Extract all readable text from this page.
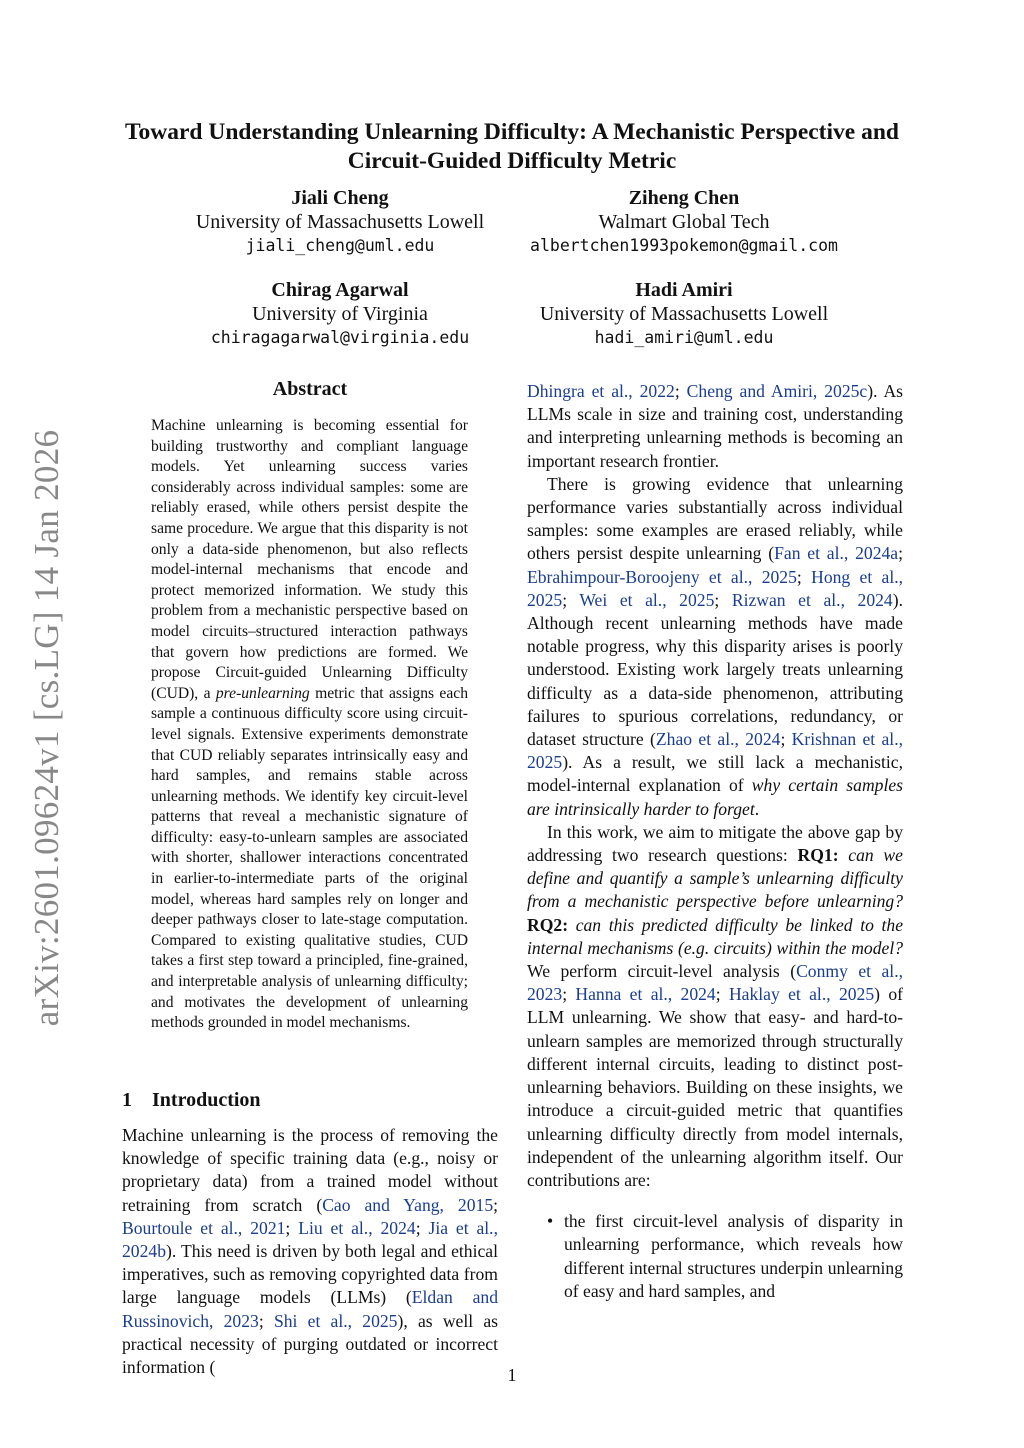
arXiv:2601.09624v1 [cs.LG] 14 Jan 2026
Toward Understanding Unlearning Difficulty: A Mechanistic Perspective and Circuit-Guided Difficulty Metric
Jiali Cheng
University of Massachusetts Lowell
jiali_cheng@uml.edu
Ziheng Chen
Walmart Global Tech
albertchen1993pokemon@gmail.com
Chirag Agarwal
University of Virginia
chiragagarwal@virginia.edu
Hadi Amiri
University of Massachusetts Lowell
hadi_amiri@uml.edu
Abstract
Machine unlearning is becoming essential for building trustworthy and compliant language models. Yet unlearning success varies considerably across individual samples: some are reliably erased, while others persist despite the same procedure. We argue that this disparity is not only a data-side phenomenon, but also reflects model-internal mechanisms that encode and protect memorized information. We study this problem from a mechanistic perspective based on model circuits–structured interaction pathways that govern how predictions are formed. We propose Circuit-guided Unlearning Difficulty (CUD), a pre-unlearning metric that assigns each sample a continuous difficulty score using circuit-level signals. Extensive experiments demonstrate that CUD reliably separates intrinsically easy and hard samples, and remains stable across unlearning methods. We identify key circuit-level patterns that reveal a mechanistic signature of difficulty: easy-to-unlearn samples are associated with shorter, shallower interactions concentrated in earlier-to-intermediate parts of the original model, whereas hard samples rely on longer and deeper pathways closer to late-stage computation. Compared to existing qualitative studies, CUD takes a first step toward a principled, fine-grained, and interpretable analysis of unlearning difficulty; and motivates the development of unlearning methods grounded in model mechanisms.
1 Introduction

Machine unlearning is the process of removing the knowledge of specific training data (e.g., noisy or proprietary data) from a trained model without retraining from scratch (Cao and Yang, 2015; Bourtoule et al., 2021; Liu et al., 2024; Jia et al., 2024b). This need is driven by both legal and ethical imperatives, such as removing copyrighted data from large language models (LLMs) (Eldan and Russinovich, 2023; Shi et al., 2025), as well as practical necessity of purging outdated or incorrect information (

Dhingra et al., 2022; Cheng and Amiri, 2025c). As LLMs scale in size and training cost, understanding and interpreting unlearning methods is becoming an important research frontier.

There is growing evidence that unlearning performance varies substantially across individual samples: some examples are erased reliably, while others persist despite unlearning (Fan et al., 2024a; Ebrahimpour-Boroojeny et al., 2025; Hong et al., 2025; Wei et al., 2025; Rizwan et al., 2024). Although recent unlearning methods have made notable progress, why this disparity arises is poorly understood. Existing work largely treats unlearning difficulty as a data-side phenomenon, attributing failures to spurious correlations, redundancy, or dataset structure (Zhao et al., 2024; Krishnan et al., 2025). As a result, we still lack a mechanistic, model-internal explanation of why certain samples are intrinsically harder to forget.

In this work, we aim to mitigate the above gap by addressing two research questions: RQ1: can we define and quantify a sample’s unlearning difficulty from a mechanistic perspective before unlearning? RQ2: can this predicted difficulty be linked to the internal mechanisms (e.g. circuits) within the model? We perform circuit-level analysis (Conmy et al., 2023; Hanna et al., 2024; Haklay et al., 2025) of LLM unlearning. We show that easy- and hard-to-unlearn samples are memorized through structurally different internal circuits, leading to distinct post-unlearning behaviors. Building on these insights, we introduce a circuit-guided metric that quantifies unlearning difficulty directly from model internals, independent of the unlearning algorithm itself. Our contributions are:

• the first circuit-level analysis of disparity in unlearning performance, which reveals how different internal structures underpin unlearning of easy and hard samples, and
1
